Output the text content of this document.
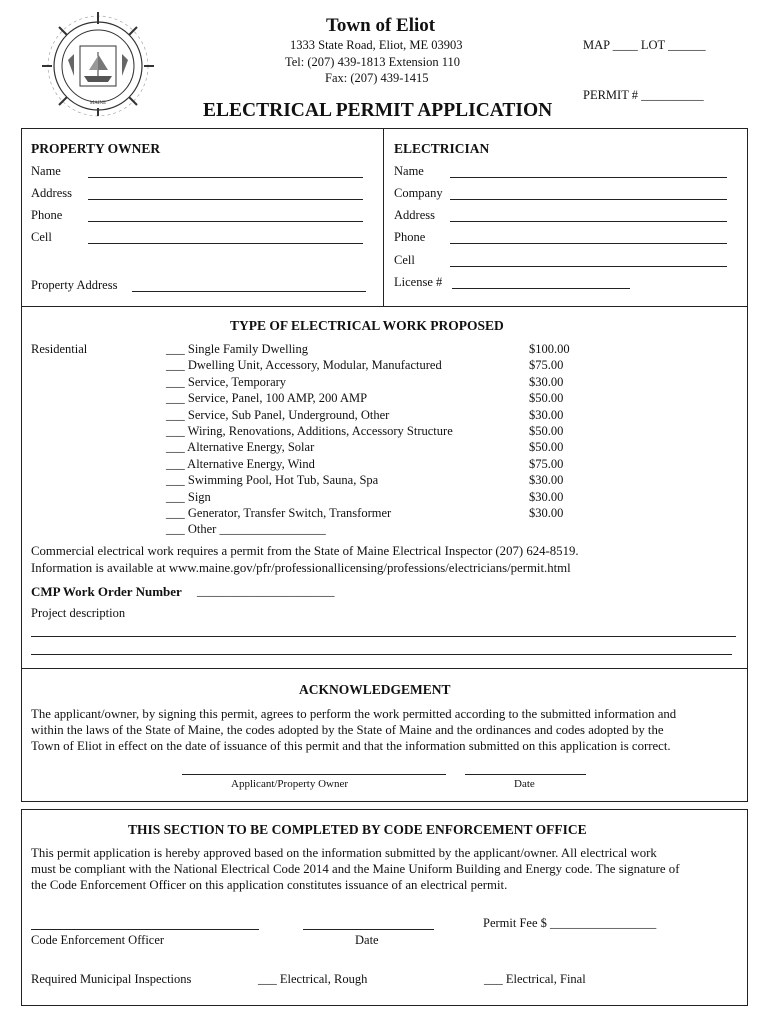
MAINE
Town of Eliot
1333 State Road, Eliot, ME 03903
Tel: (207) 439-1813 Extension 110
Fax: (207) 439-1415
MAP ____ LOT ______
PERMIT # __________
ELECTRICAL PERMIT APPLICATION
PROPERTY OWNER
Name
Address
Phone
Cell
Property Address
ELECTRICIAN
Name
Company
Address
Phone
Cell
License #
TYPE OF ELECTRICAL WORK PROPOSED
Residential	___ Single Family Dwelling	$100.00
___ Dwelling Unit, Accessory, Modular, Manufactured	$75.00
___ Service, Temporary	$30.00
___ Service, Panel, 100 AMP, 200 AMP	$50.00
___ Service, Sub Panel, Underground, Other	$30.00
___ Wiring, Renovations, Additions, Accessory Structure	$50.00
___ Alternative Energy, Solar	$50.00
___ Alternative Energy, Wind	$75.00
___ Swimming Pool, Hot Tub, Sauna, Spa	$30.00
___ Sign	$30.00
___ Generator, Transfer Switch, Transformer	$30.00
___ Other _________________
Commercial electrical work requires a permit from the State of Maine Electrical Inspector (207) 624-8519.
Information is available at www.maine.gov/pfr/professionallicensing/professions/electricians/permit.html
CMP Work Order Number ______________________
Project description
ACKNOWLEDGEMENT
The applicant/owner, by signing this permit, agrees to perform the work permitted according to the submitted information and
within the laws of the State of Maine, the codes adopted by the State of Maine and the ordinances and codes adopted by the
Town of Eliot in effect on the date of issuance of this permit and that the information submitted on this application is correct.
Applicant/Property Owner	Date
THIS SECTION TO BE COMPLETED BY CODE ENFORCEMENT OFFICE
This permit application is hereby approved based on the information submitted by the applicant/owner. All electrical work
must be compliant with the National Electrical Code 2014 and the Maine Uniform Building and Energy code. The signature of
the Code Enforcement Officer on this application constitutes issuance of an electrical permit.
Permit Fee $ _________________
Code Enforcement Officer	Date
Required Municipal Inspections	___ Electrical, Rough	___ Electrical, Final
